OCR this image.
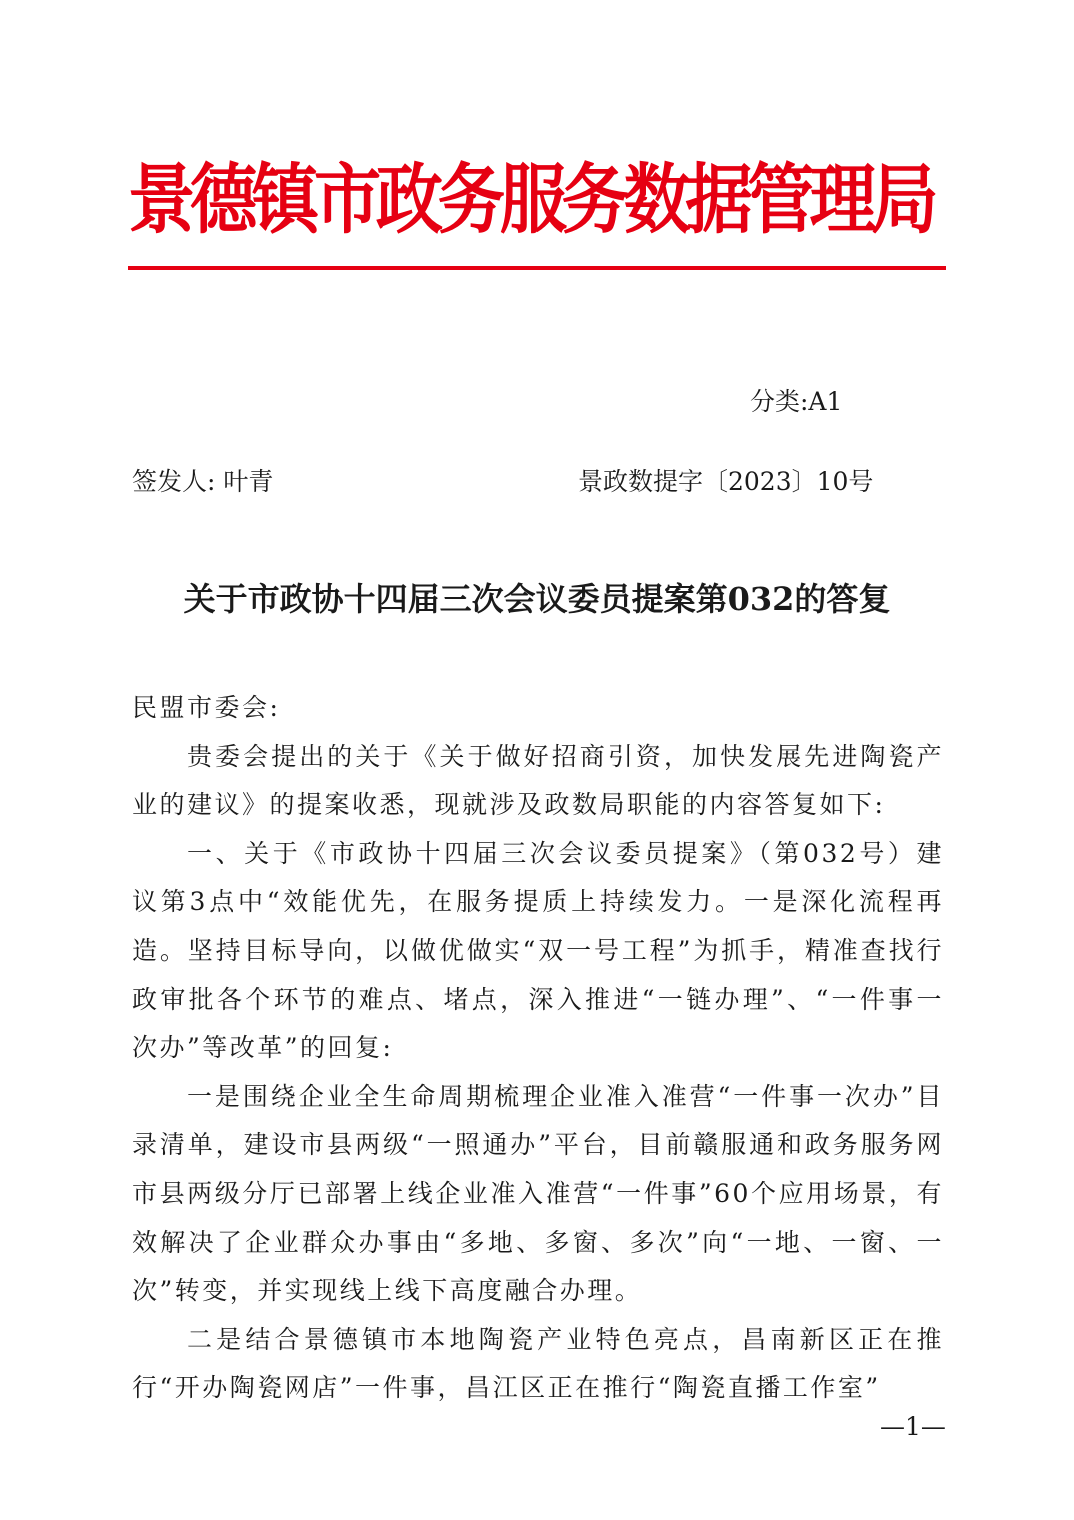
景德镇市政务服务数据管理局
分类:A1
签发人: 叶青	景政数提字〔2023〕10号
关于市政协十四届三次会议委员提案第032的答复

民盟市委会:

贵委会提出的关于《关于做好招商引资，加快发展先进陶瓷产业的建议》的提案收悉，现就涉及政数局职能的内容答复如下:

一、关于《市政协十四届三次会议委员提案》（第032号）建议第3点中“效能优先，在服务提质上持续发力。一是深化流程再造。坚持目标导向，以做优做实“双一号工程”为抓手，精准查找行政审批各个环节的难点、堵点，深入推进“一链办理”、“一件事一次办”等改革”的回复:

一是围绕企业全生命周期梳理企业准入准营“一件事一次办”目录清单，建设市县两级“一照通办”平台，目前赣服通和政务服务网市县两级分厅已部署上线企业准入准营“一件事”60个应用场景，有效解决了企业群众办事由“多地、多窗、多次”向“一地、一窗、一次”转变，并实现线上线下高度融合办理。

二是结合景德镇市本地陶瓷产业特色亮点，昌南新区正在推行“开办陶瓷网店”一件事，昌江区正在推行“陶瓷直播工作室”

—1—
